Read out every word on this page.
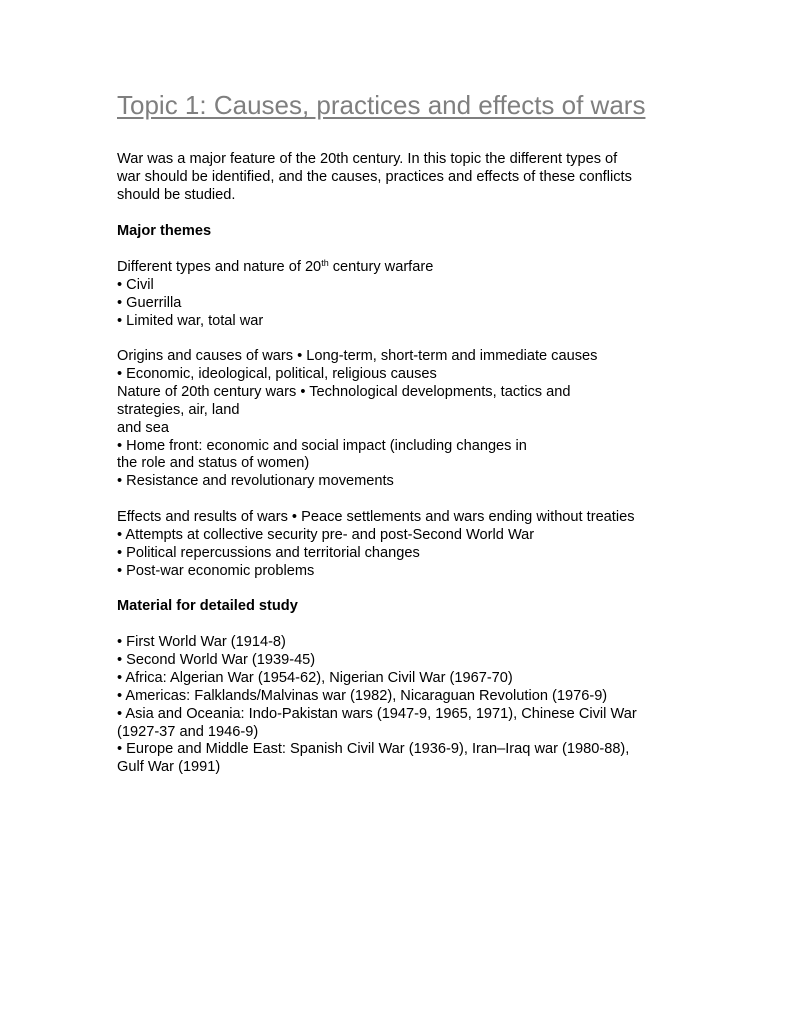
Topic 1: Causes, practices and effects of wars
War was a major feature of the 20th century. In this topic the different types of
war should be identified, and the causes, practices and effects of these conflicts
should be studied.
Major themes
Different types and nature of 20th century warfare
• Civil
• Guerrilla
• Limited war, total war
Origins and causes of wars • Long-term, short-term and immediate causes
• Economic, ideological, political, religious causes
Nature of 20th century wars • Technological developments, tactics and
strategies, air, land
and sea
• Home front: economic and social impact (including changes in
the role and status of women)
• Resistance and revolutionary movements
Effects and results of wars • Peace settlements and wars ending without treaties
• Attempts at collective security pre- and post-Second World War
• Political repercussions and territorial changes
• Post-war economic problems
Material for detailed study
• First World War (1914‐8)
• Second World War (1939‐45)
• Africa: Algerian War (1954‐62), Nigerian Civil War (1967‐70)
• Americas: Falklands/Malvinas war (1982), Nicaraguan Revolution (1976‐9)
• Asia and Oceania: Indo-Pakistan wars (1947‐9, 1965, 1971), Chinese Civil War
(1927‐37 and 1946‐9)
• Europe and Middle East: Spanish Civil War (1936‐9), Iran–Iraq war (1980‐88),
Gulf War (1991)
